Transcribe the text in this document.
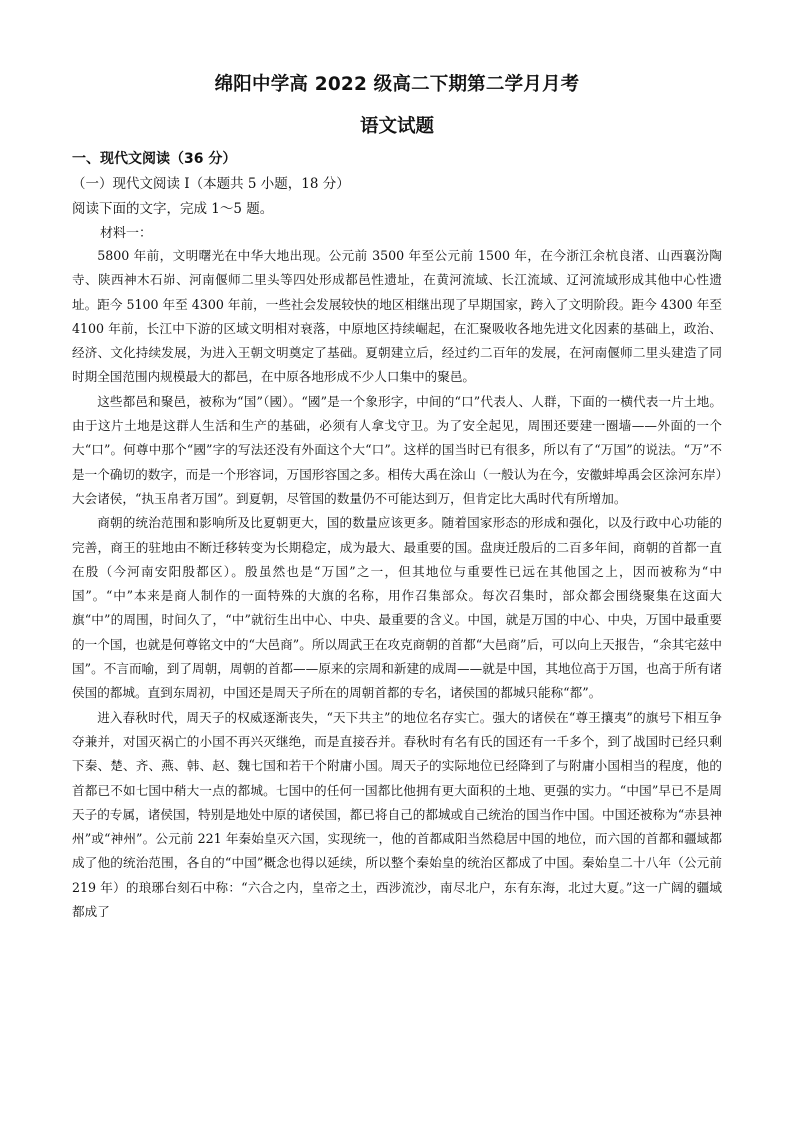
绵阳中学高 2022 级高二下期第二学月月考
语文试题
一、现代文阅读（36 分）
（一）现代文阅读 I（本题共 5 小题，18 分）
阅读下面的文字，完成 1～5 题。
材料一：

5800 年前，文明曙光在中华大地出现。公元前 3500 年至公元前 1500 年，在今浙江余杭良渚、山西襄汾陶寺、陕西神木石峁、河南偃师二里头等四处形成都邑性遗址，在黄河流域、长江流域、辽河流域形成其他中心性遗址。距今 5100 年至 4300 年前，一些社会发展较快的地区相继出现了早期国家，跨入了文明阶段。距今 4300 年至 4100 年前，长江中下游的区域文明相对衰落，中原地区持续崛起，在汇聚吸收各地先进文化因素的基础上，政治、经济、文化持续发展，为进入王朝文明奠定了基础。夏朝建立后，经过约二百年的发展，在河南偃师二里头建造了同时期全国范围内规模最大的都邑，在中原各地形成不少人口集中的聚邑。

这些都邑和聚邑，被称为“国”（國）。“國”是一个象形字，中间的“口”代表人、人群，下面的一横代表一片土地。由于这片土地是这群人生活和生产的基础，必须有人拿戈守卫。为了安全起见，周围还要建一圈墙——外面的一个大“口”。何尊中那个“國”字的写法还没有外面这个大“口”。这样的国当时已有很多，所以有了“万国”的说法。“万”不是一个确切的数字，而是一个形容词，万国形容国之多。相传大禹在涂山（一般认为在今，安徽蚌埠禹会区涂河东岸）大会诸侯，“执玉帛者万国”。到夏朝，尽管国的数量仍不可能达到万，但肯定比大禹时代有所增加。

商朝的统治范围和影响所及比夏朝更大，国的数量应该更多。随着国家形态的形成和强化，以及行政中心功能的完善，商王的驻地由不断迁移转变为长期稳定，成为最大、最重要的国。盘庚迁殷后的二百多年间，商朝的首都一直在殷（今河南安阳殷都区）。殷虽然也是“万国”之一，但其地位与重要性已远在其他国之上，因而被称为“中国”。“中”本来是商人制作的一面特殊的大旗的名称，用作召集部众。每次召集时，部众都会围绕聚集在这面大旗“中”的周围，时间久了，“中”就衍生出中心、中央、最重要的含义。中国，就是万国的中心、中央，万国中最重要的一个国，也就是何尊铭文中的“大邑商”。所以周武王在攻克商朝的首都“大邑商”后，可以向上天报告，“余其宅兹中国”。不言而喻，到了周朝，周朝的首都——原来的宗周和新建的成周——就是中国，其地位高于万国，也高于所有诸侯国的都城。直到东周初，中国还是周天子所在的周朝首都的专名，诸侯国的都城只能称“都”。

进入春秋时代，周天子的权威逐渐丧失，“天下共主”的地位名存实亡。强大的诸侯在“尊王攘夷”的旗号下相互争夺兼并，对国灭祸亡的小国不再兴灭继绝，而是直接吞并。春秋时有名有氏的国还有一千多个，到了战国时已经只剩下秦、楚、齐、燕、韩、赵、魏七国和若干个附庸小国。周天子的实际地位已经降到了与附庸小国相当的程度，他的首都已不如七国中稍大一点的都城。七国中的任何一国都比他拥有更大面积的土地、更强的实力。“中国”早已不是周天子的专属，诸侯国，特别是地处中原的诸侯国，都已将自己的都城或自己统治的国当作中国。中国还被称为“赤县神州”或“神州”。公元前 221 年秦始皇灭六国，实现统一，他的首都咸阳当然稳居中国的地位，而六国的首都和疆域都成了他的统治范围，各自的“中国”概念也得以延续，所以整个秦始皇的统治区都成了中国。秦始皇二十八年（公元前 219 年）的琅琊台刻石中称：“六合之内，皇帝之土，西涉流沙，南尽北户，东有东海，北过大夏。”这一广阔的疆域都成了
